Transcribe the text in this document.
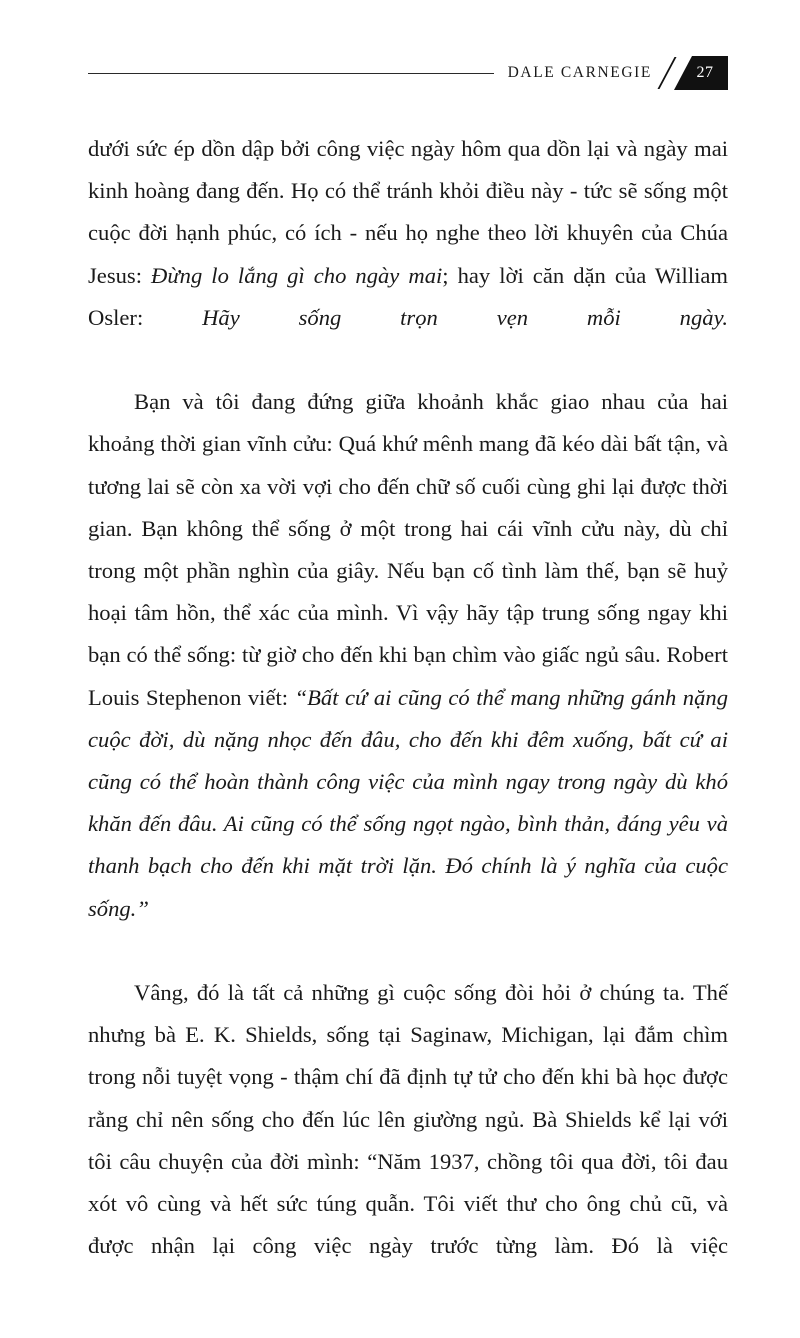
DALE CARNEGIE	27

dưới sức ép dồn dập bởi công việc ngày hôm qua dồn lại và ngày mai kinh hoàng đang đến. Họ có thể tránh khỏi điều này - tức sẽ sống một cuộc đời hạnh phúc, có ích - nếu họ nghe theo lời khuyên của Chúa Jesus: Đừng lo lắng gì cho ngày mai; hay lời căn dặn của William Osler: Hãy sống trọn vẹn mỗi ngày.

Bạn và tôi đang đứng giữa khoảnh khắc giao nhau của hai khoảng thời gian vĩnh cửu: Quá khứ mênh mang đã kéo dài bất tận, và tương lai sẽ còn xa vời vợi cho đến chữ số cuối cùng ghi lại được thời gian. Bạn không thể sống ở một trong hai cái vĩnh cửu này, dù chỉ trong một phần nghìn của giây. Nếu bạn cố tình làm thế, bạn sẽ huỷ hoại tâm hồn, thể xác của mình. Vì vậy hãy tập trung sống ngay khi bạn có thể sống: từ giờ cho đến khi bạn chìm vào giấc ngủ sâu. Robert Louis Stephenon viết: “Bất cứ ai cũng có thể mang những gánh nặng cuộc đời, dù nặng nhọc đến đâu, cho đến khi đêm xuống, bất cứ ai cũng có thể hoàn thành công việc của mình ngay trong ngày dù khó khăn đến đâu. Ai cũng có thể sống ngọt ngào, bình thản, đáng yêu và thanh bạch cho đến khi mặt trời lặn. Đó chính là ý nghĩa của cuộc sống.”

Vâng, đó là tất cả những gì cuộc sống đòi hỏi ở chúng ta. Thế nhưng bà E. K. Shields, sống tại Saginaw, Michigan, lại đắm chìm trong nỗi tuyệt vọng - thậm chí đã định tự tử cho đến khi bà học được rằng chỉ nên sống cho đến lúc lên giường ngủ. Bà Shields kể lại với tôi câu chuyện của đời mình: “Năm 1937, chồng tôi qua đời, tôi đau xót vô cùng và hết sức túng quẫn. Tôi viết thư cho ông chủ cũ, và được nhận lại công việc ngày trước từng làm. Đó là việc
